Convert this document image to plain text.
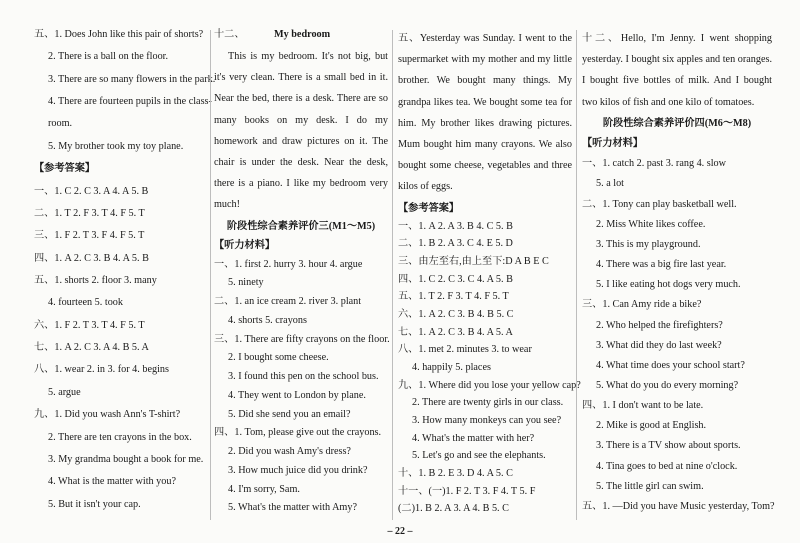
五、1. Does John like this pair of shorts?
2. There is a ball on the floor.
3. There are so many flowers in the park.
4. There are fourteen pupils in the class-
room.
5. My brother took my toy plane.
【参考答案】
一、1. C 2. C 3. A 4. A 5. B
二、1. T 2. F 3. T 4. F 5. T
三、1. F 2. T 3. F 4. F 5. T
四、1. A 2. C 3. B 4. A 5. B
五、1. shorts 2. floor 3. many
4. fourteen 5. took
六、1. F 2. T 3. T 4. F 5. T
七、1. A 2. C 3. A 4. B 5. A
八、1. wear 2. in 3. for 4. begins
5. argue
九、1. Did you wash Ann's T-shirt?
2. There are ten crayons in the box.
3. My grandma bought a book for me.
4. What is the matter with you?
5. But it isn't your cap.
十二、	My bedroom
This is my bedroom. It's not big, but it's very clean. There is a small bed in it. Near the bed, there is a desk. There are so many books on my desk. I do my homework and draw pictures on it. The chair is under the desk. Near the desk, there is a piano. I like my bedroom very much!
阶段性综合素养评价三(M1～M5)
【听力材料】
一、1. first 2. hurry 3. hour 4. argue
5. ninety
二、1. an ice cream 2. river 3. plant
4. shorts 5. crayons
三、1. There are fifty crayons on the floor.
2. I bought some cheese.
3. I found this pen on the school bus.
4. They went to London by plane.
5. Did she send you an email?
四、1. Tom, please give out the crayons.
2. Did you wash Amy's dress?
3. How much juice did you drink?
4. I'm sorry, Sam.
5. What's the matter with Amy?
五、Yesterday was Sunday. I went to the supermarket with my mother and my little brother. We bought many things. My grandpa likes tea. We bought some tea for him. My brother likes drawing pictures. Mum bought him many crayons. We also bought some cheese, vegetables and three kilos of eggs.
【参考答案】
一、1. A 2. A 3. B 4. C 5. B
二、1. B 2. A 3. C 4. E 5. D
三、由左至右,由上至下:D A B E C
四、1. C 2. C 3. C 4. A 5. B
五、1. T 2. F 3. T 4. F 5. T
六、1. A 2. C 3. B 4. B 5. C
七、1. A 2. C 3. B 4. A 5. A
八、1. met 2. minutes 3. to wear
4. happily 5. places
九、1. Where did you lose your yellow cap?
2. There are twenty girls in our class.
3. How many monkeys can you see?
4. What's the matter with her?
5. Let's go and see the elephants.
十、1. B 2. E 3. D 4. A 5. C
十一、(一)1. F 2. T 3. F 4. T 5. F
(二)1. B 2. A 3. A 4. B 5. C
十二、Hello, I'm Jenny. I went shopping yesterday. I bought six apples and ten oranges. I bought five bottles of milk. And I bought two kilos of fish and one kilo of tomatoes.
阶段性综合素养评价四(M6～M8)
【听力材料】
一、1. catch 2. past 3. rang 4. slow
5. a lot
二、1. Tony can play basketball well.
2. Miss White likes coffee.
3. This is my playground.
4. There was a big fire last year.
5. I like eating hot dogs very much.
三、1. Can Amy ride a bike?
2. Who helped the firefighters?
3. What did they do last week?
4. What time does your school start?
5. What do you do every morning?
四、1. I don't want to be late.
2. Mike is good at English.
3. There is a TV show about sports.
4. Tina goes to bed at nine o'clock.
5. The little girl can swim.
五、1. —Did you have Music yesterday, Tom?
– 22 –
